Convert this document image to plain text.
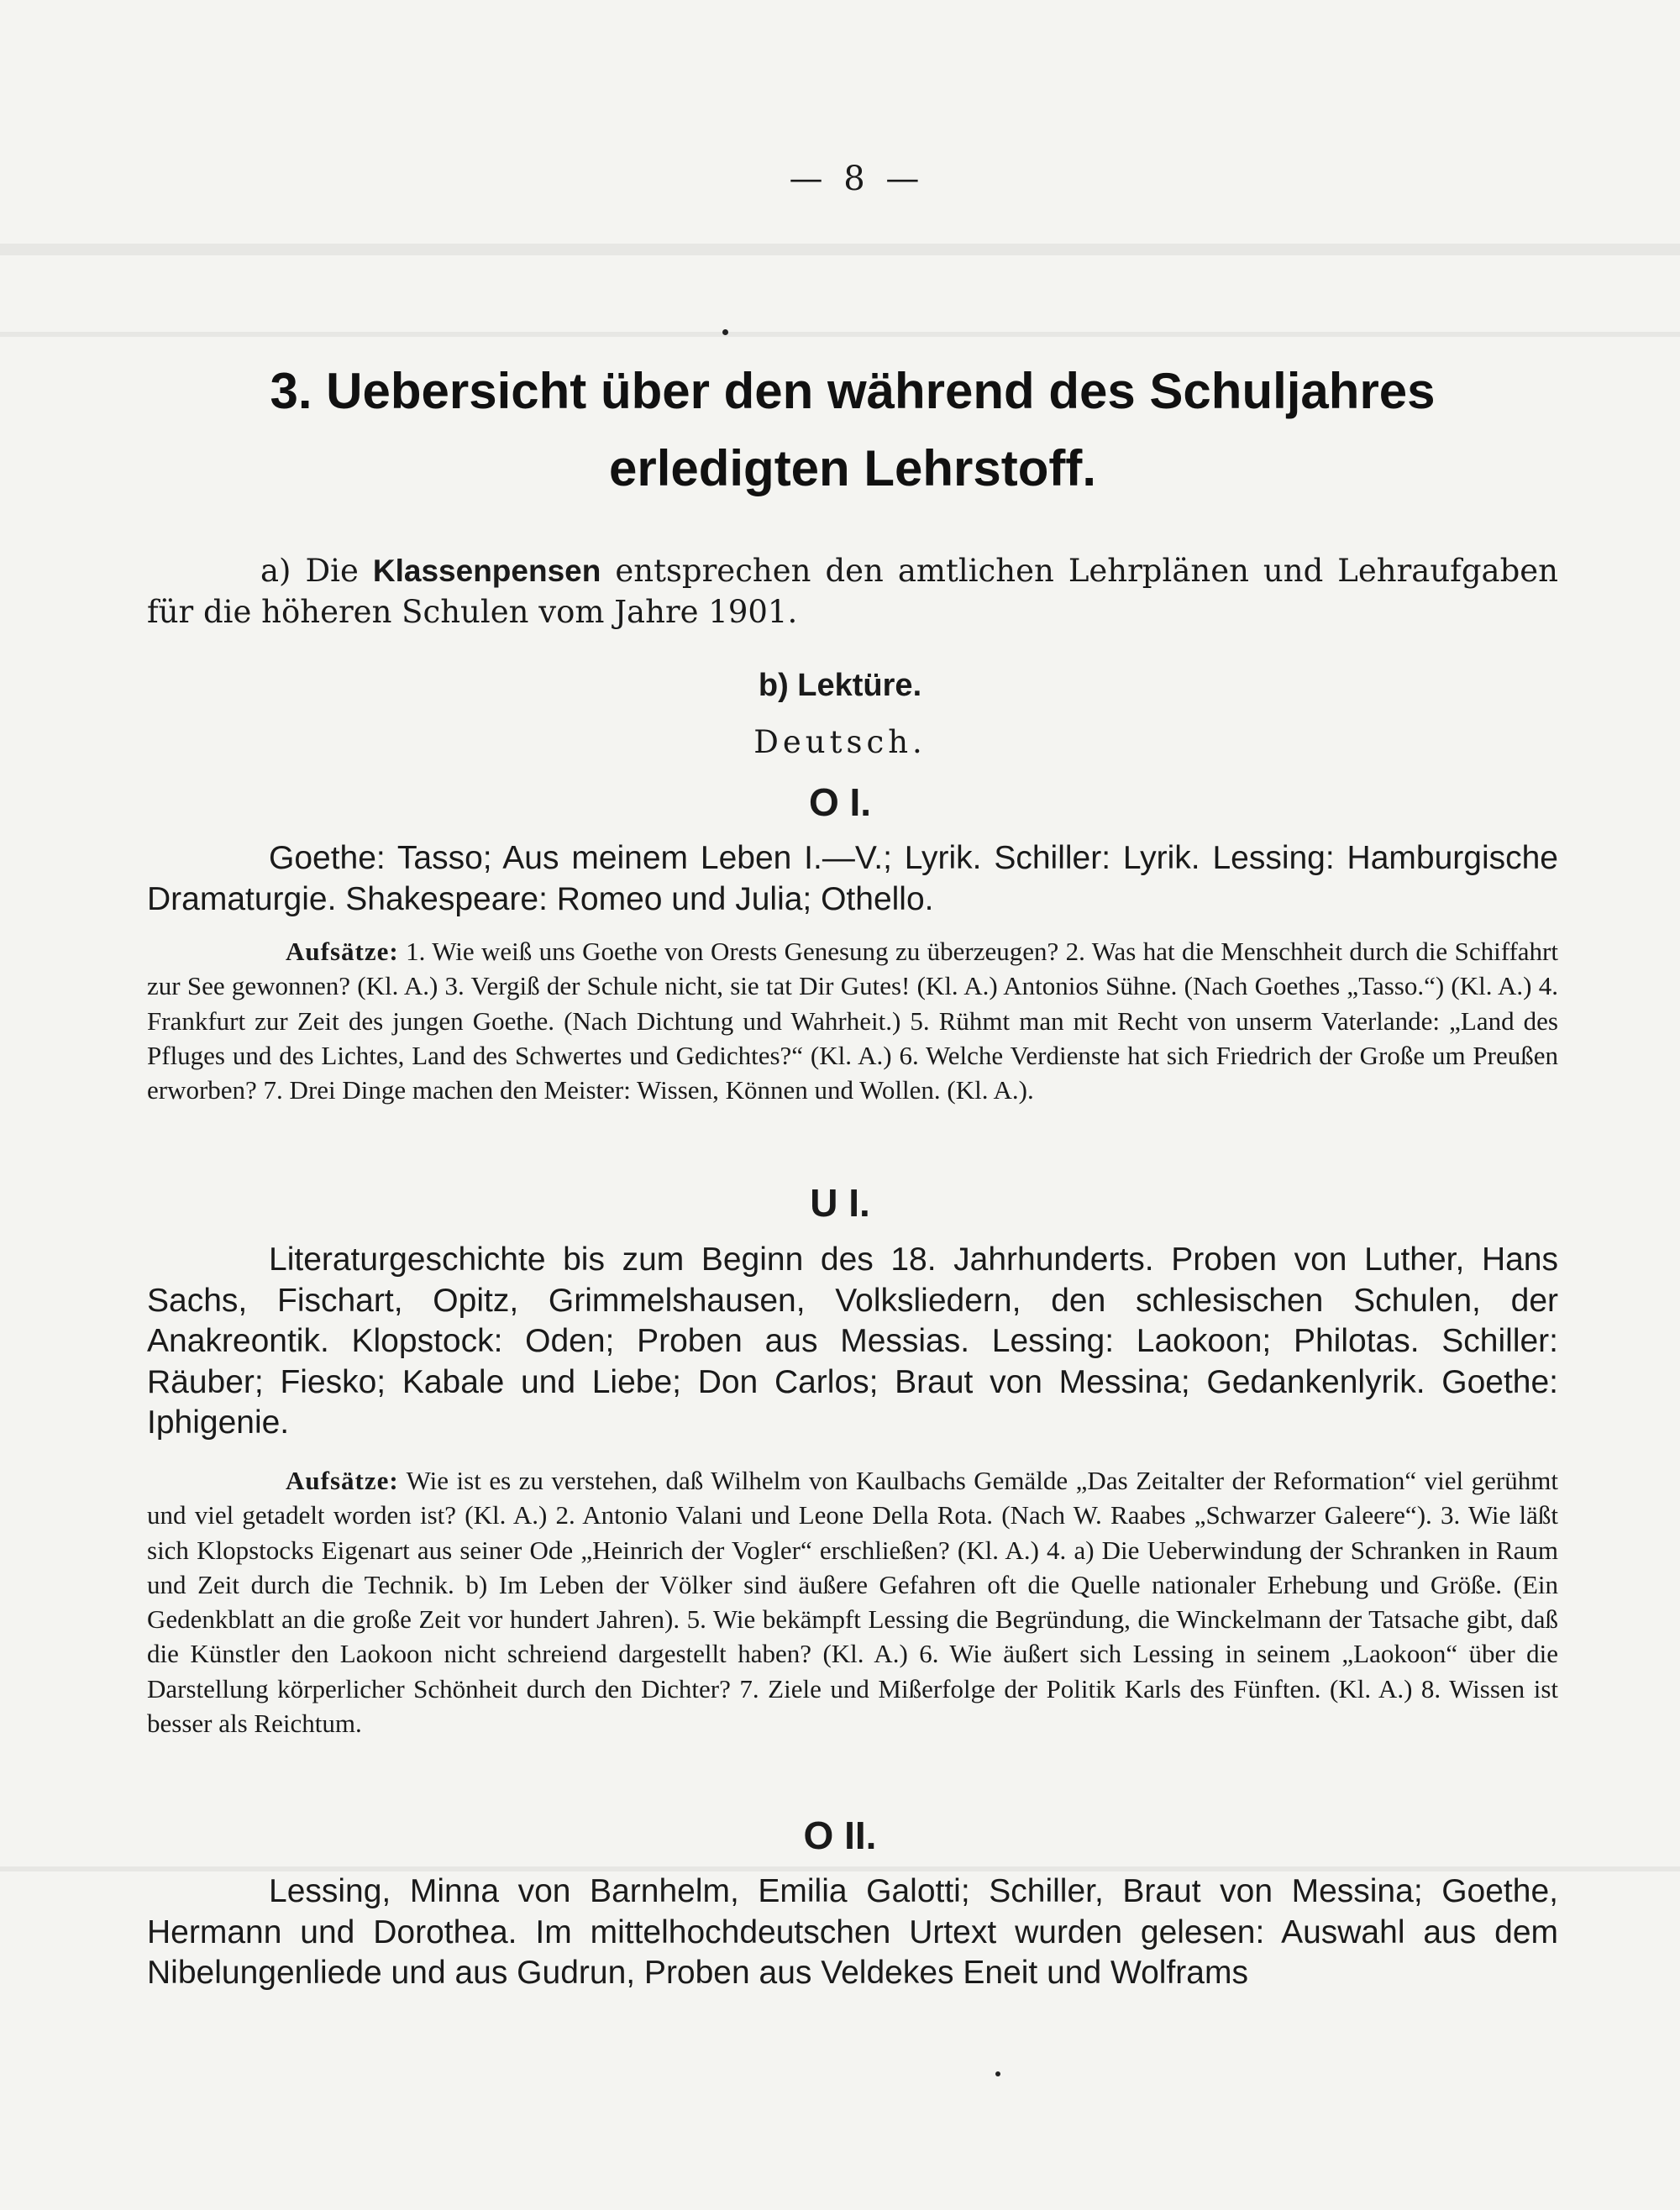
— 8 —
3. Uebersicht über den während des Schuljahres
erledigten Lehrstoff.
a) Die Klassenpensen entsprechen den amtlichen Lehrplänen und Lehraufgaben für die höheren Schulen vom Jahre 1901.
b) Lektüre.
Deutsch.
O I.
Goethe: Tasso; Aus meinem Leben I.—V.; Lyrik. Schiller: Lyrik. Lessing: Hamburgische Dramaturgie. Shakespeare: Romeo und Julia; Othello.
Aufsätze: 1. Wie weiß uns Goethe von Orests Genesung zu überzeugen? 2. Was hat die Menschheit durch die Schiffahrt zur See gewonnen? (Kl. A.) 3. Vergiß der Schule nicht, sie tat Dir Gutes! (Kl. A.) Antonios Sühne. (Nach Goethes „Tasso.“) (Kl. A.) 4. Frankfurt zur Zeit des jungen Goethe. (Nach Dichtung und Wahrheit.) 5. Rühmt man mit Recht von unserm Vaterlande: „Land des Pfluges und des Lichtes, Land des Schwertes und Gedichtes?“ (Kl. A.) 6. Welche Verdienste hat sich Friedrich der Große um Preußen erworben? 7. Drei Dinge machen den Meister: Wissen, Können und Wollen. (Kl. A.).
U I.
Literaturgeschichte bis zum Beginn des 18. Jahrhunderts. Proben von Luther, Hans Sachs, Fischart, Opitz, Grimmelshausen, Volksliedern, den schlesischen Schulen, der Anakreontik. Klopstock: Oden; Proben aus Messias. Lessing: Laokoon; Philotas. Schiller: Räuber; Fiesko; Kabale und Liebe; Don Carlos; Braut von Messina; Gedankenlyrik. Goethe: Iphigenie.
Aufsätze: Wie ist es zu verstehen, daß Wilhelm von Kaulbachs Gemälde „Das Zeitalter der Reformation“ viel gerühmt und viel getadelt worden ist? (Kl. A.) 2. Antonio Valani und Leone Della Rota. (Nach W. Raabes „Schwarzer Galeere“). 3. Wie läßt sich Klopstocks Eigenart aus seiner Ode „Heinrich der Vogler“ erschließen? (Kl. A.) 4. a) Die Ueberwindung der Schranken in Raum und Zeit durch die Technik. b) Im Leben der Völker sind äußere Gefahren oft die Quelle nationaler Erhebung und Größe. (Ein Gedenkblatt an die große Zeit vor hundert Jahren). 5. Wie bekämpft Lessing die Begründung, die Winckelmann der Tatsache gibt, daß die Künstler den Laokoon nicht schreiend dargestellt haben? (Kl. A.) 6. Wie äußert sich Lessing in seinem „Laokoon“ über die Darstellung körperlicher Schönheit durch den Dichter? 7. Ziele und Mißerfolge der Politik Karls des Fünften. (Kl. A.) 8. Wissen ist besser als Reichtum.
O II.
Lessing, Minna von Barnhelm, Emilia Galotti; Schiller, Braut von Messina; Goethe, Hermann und Dorothea. Im mittelhochdeutschen Urtext wurden gelesen: Auswahl aus dem Nibelungenliede und aus Gudrun, Proben aus Veldekes Eneit und Wolframs
